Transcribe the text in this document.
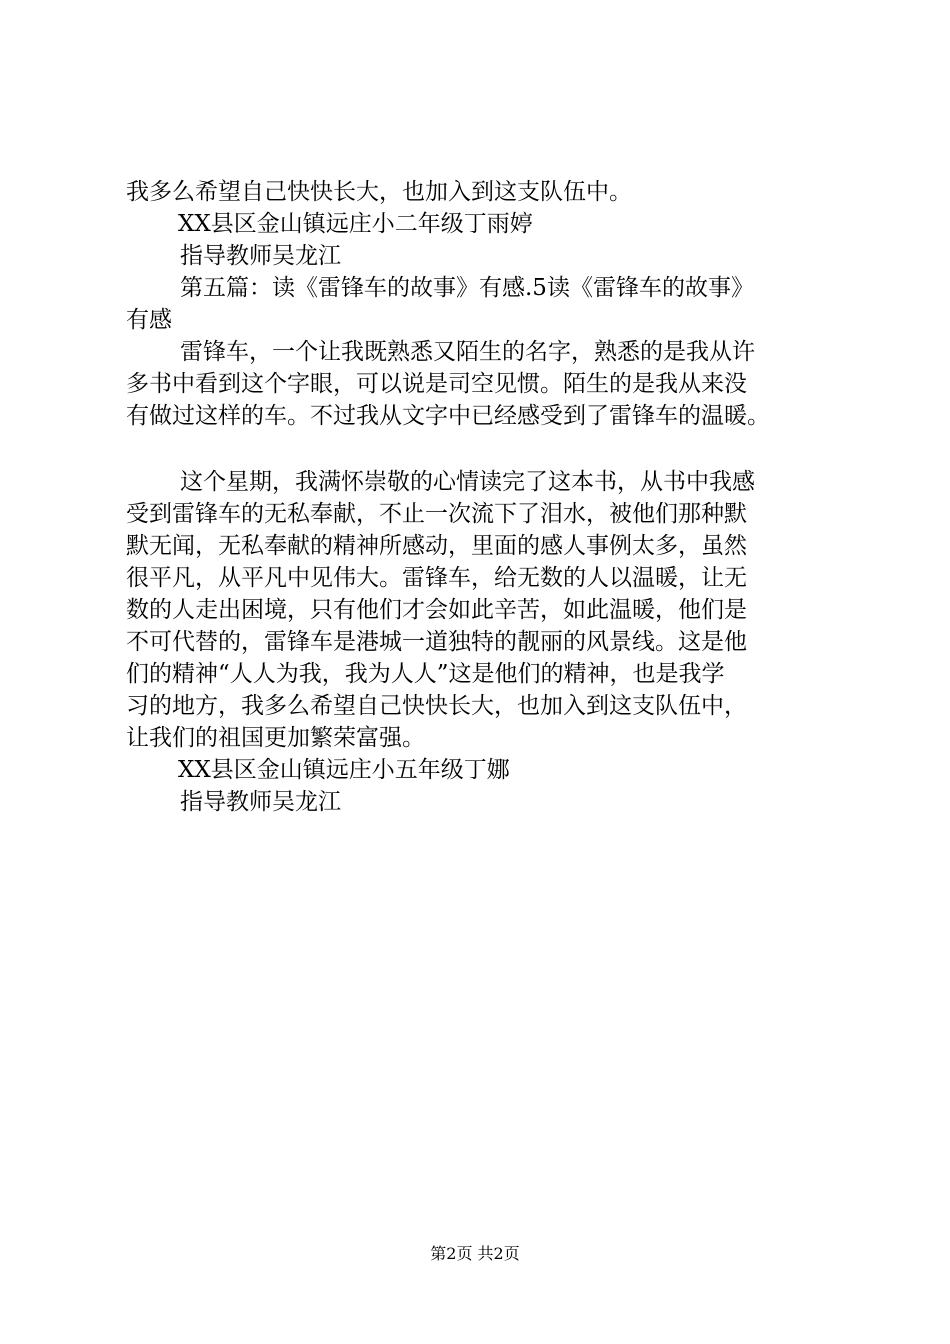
我多么希望自己快快长大，也加入到这支队伍中。
XX县区金山镇远庄小二年级丁雨婷
指导教师吴龙江
第五篇：读《雷锋车的故事》有感.5读《雷锋车的故事》
有感
雷锋车，一个让我既熟悉又陌生的名字，熟悉的是我从许
多书中看到这个字眼，可以说是司空见惯。陌生的是我从来没
有做过这样的车。不过我从文字中已经感受到了雷锋车的温暖。
这个星期，我满怀崇敬的心情读完了这本书，从书中我感
受到雷锋车的无私奉献，不止一次流下了泪水，被他们那种默
默无闻，无私奉献的精神所感动，里面的感人事例太多，虽然
很平凡，从平凡中见伟大。雷锋车，给无数的人以温暖，让无
数的人走出困境，只有他们才会如此辛苦，如此温暖，他们是
不可代替的，雷锋车是港城一道独特的靓丽的风景线。这是他
们的精神“人人为我，我为人人”这是他们的精神，也是我学
习的地方，我多么希望自己快快长大，也加入到这支队伍中，
让我们的祖国更加繁荣富强。
XX县区金山镇远庄小五年级丁娜
指导教师吴龙江
第2页 共2页
